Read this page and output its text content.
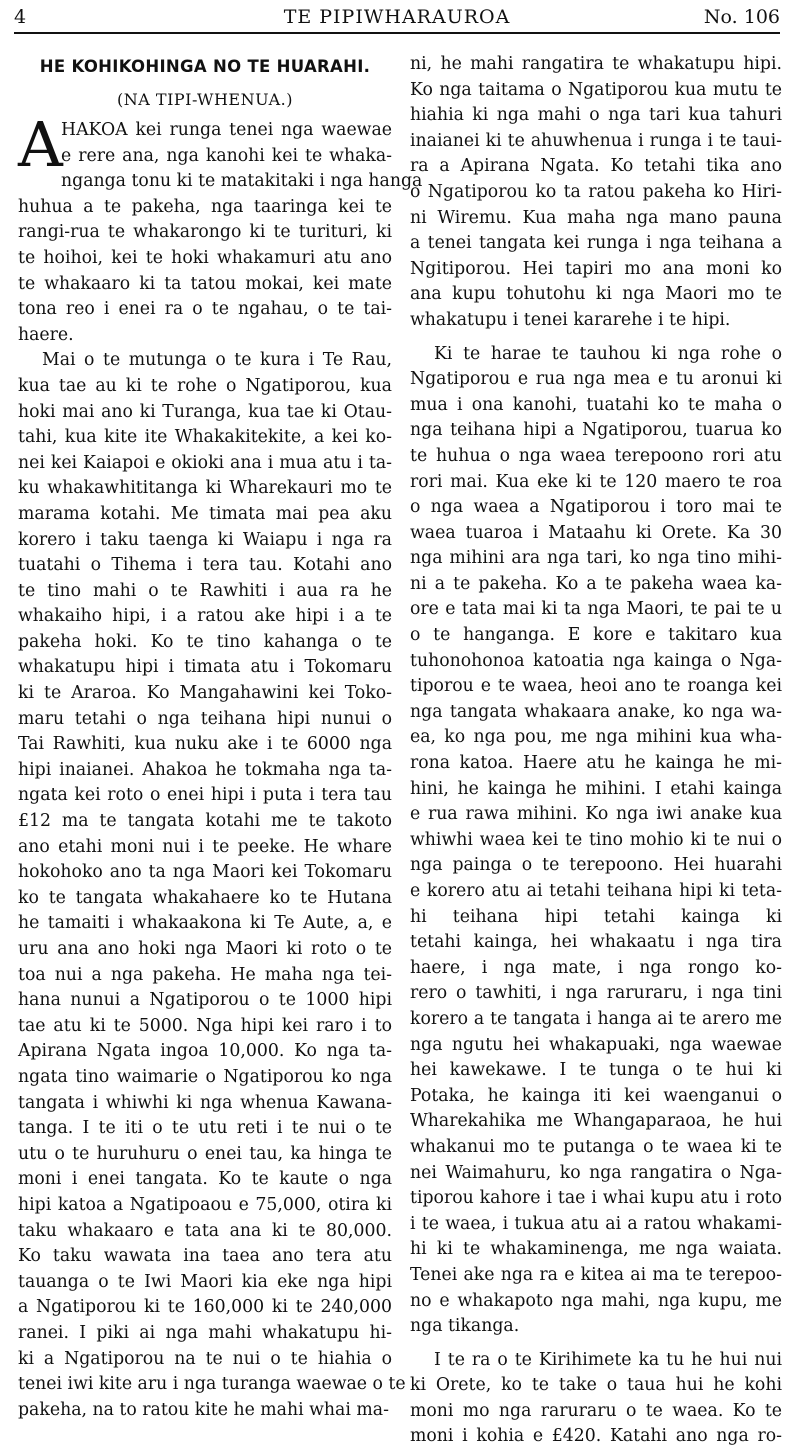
4	TE PIPIWHARAUROA	No. 106
HE KOHIKOHINGA NO TE HUARAHI.
(NA TIPI-WHENUA.)
A
HAKOA kei runga tenei nga waewae
e rere ana, nga kanohi kei te whaka-
nganga tonu ki te matakitaki i nga hanga
huhua a te pakeha, nga taaringa kei te
rangi-rua te whakarongo ki te turituri, ki
te hoihoi, kei te hoki whakamuri atu ano
te whakaaro ki ta tatou mokai, kei mate
tona reo i enei ra o te ngahau, o te tai-
haere.
Mai o te mutunga o te kura i Te Rau,
kua tae au ki te rohe o Ngatiporou, kua
hoki mai ano ki Turanga, kua tae ki Otau-
tahi, kua kite ite Whakakitekite, a kei ko-
nei kei Kaiapoi e okioki ana i mua atu i ta-
ku whakawhititanga ki Wharekauri mo te
marama kotahi. Me timata mai pea aku
korero i taku taenga ki Waiapu i nga ra
tuatahi o Tihema i tera tau. Kotahi ano
te tino mahi o te Rawhiti i aua ra he
whakaiho hipi, i a ratou ake hipi i a te
pakeha hoki. Ko te tino kahanga o te
whakatupu hipi i timata atu i Tokomaru
ki te Araroa. Ko Mangahawini kei Toko-
maru tetahi o nga teihana hipi nunui o
Tai Rawhiti, kua nuku ake i te 6000 nga
hipi inaianei. Ahakoa he tokmaha nga ta-
ngata kei roto o enei hipi i puta i tera tau
£12 ma te tangata kotahi me te takoto
ano etahi moni nui i te peeke. He whare
hokohoko ano ta nga Maori kei Tokomaru
ko te tangata whakahaere ko te Hutana
he tamaiti i whakaakona ki Te Aute, a, e
uru ana ano hoki nga Maori ki roto o te
toa nui a nga pakeha. He maha nga tei-
hana nunui a Ngatiporou o te 1000 hipi
tae atu ki te 5000. Nga hipi kei raro i to
Apirana Ngata ingoa 10,000. Ko nga ta-
ngata tino waimarie o Ngatiporou ko nga
tangata i whiwhi ki nga whenua Kawana-
tanga. I te iti o te utu reti i te nui o te
utu o te huruhuru o enei tau, ka hinga te
moni i enei tangata. Ko te kaute o nga
hipi katoa a Ngatipoaou e 75,000, otira ki
taku whakaaro e tata ana ki te 80,000.
Ko taku wawata ina taea ano tera atu
tauanga o te Iwi Maori kia eke nga hipi
a Ngatiporou ki te 160,000 ki te 240,000
ranei. I piki ai nga mahi whakatupu hi-
ki a Ngatiporou na te nui o te hiahia o
tenei iwi kite aru i nga turanga waewae o te
pakeha, na to ratou kite he mahi whai ma-
ni, he mahi rangatira te whakatupu hipi.
Ko nga taitama o Ngatiporou kua mutu te
hiahia ki nga mahi o nga tari kua tahuri
inaianei ki te ahuwhenua i runga i te taui-
ra a Apirana Ngata. Ko tetahi tika ano
o Ngatiporou ko ta ratou pakeha ko Hiri-
ni Wiremu. Kua maha nga mano pauna
a tenei tangata kei runga i nga teihana a
Ngitiporou. Hei tapiri mo ana moni ko
ana kupu tohutohu ki nga Maori mo te
whakatupu i tenei kararehe i te hipi.
Ki te harae te tauhou ki nga rohe o
Ngatiporou e rua nga mea e tu aronui ki
mua i ona kanohi, tuatahi ko te maha o
nga teihana hipi a Ngatiporou, tuarua ko
te huhua o nga waea terepoono rori atu
rori mai. Kua eke ki te 120 maero te roa
o nga waea a Ngatiporou i toro mai te
waea tuaroa i Mataahu ki Orete. Ka 30
nga mihini ara nga tari, ko nga tino mihi-
ni a te pakeha. Ko a te pakeha waea ka-
ore e tata mai ki ta nga Maori, te pai te u
o te hanganga. E kore e takitaro kua
tuhonohonoa katoatia nga kainga o Nga-
tiporou e te waea, heoi ano te roanga kei
nga tangata whakaara anake, ko nga wa-
ea, ko nga pou, me nga mihini kua wha-
rona katoa. Haere atu he kainga he mi-
hini, he kainga he mihini. I etahi kainga
e rua rawa mihini. Ko nga iwi anake kua
whiwhi waea kei te tino mohio ki te nui o
nga painga o te terepoono. Hei huarahi
e korero atu ai tetahi teihana hipi ki teta-
hi teihana hipi tetahi kainga ki
tetahi kainga, hei whakaatu i nga tira
haere, i nga mate, i nga rongo ko-
rero o tawhiti, i nga raruraru, i nga tini
korero a te tangata i hanga ai te arero me
nga ngutu hei whakapuaki, nga waewae
hei kawekawe. I te tunga o te hui ki
Potaka, he kainga iti kei waenganui o
Wharekahika me Whangaparaoa, he hui
whakanui mo te putanga o te waea ki te
nei Waimahuru, ko nga rangatira o Nga-
tiporou kahore i tae i whai kupu atu i roto
i te waea, i tukua atu ai a ratou whakami-
hi ki te whakaminenga, me nga waiata.
Tenei ake nga ra e kitea ai ma te terepoo-
no e whakapoto nga mahi, nga kupu, me
nga tikanga.
I te ra o te Kirihimete ka tu he hui nui
ki Orete, ko te take o taua hui he kohi
moni mo nga raruraru o te waea. Ko te
moni i kohia e £420. Katahi ano nga ro-
